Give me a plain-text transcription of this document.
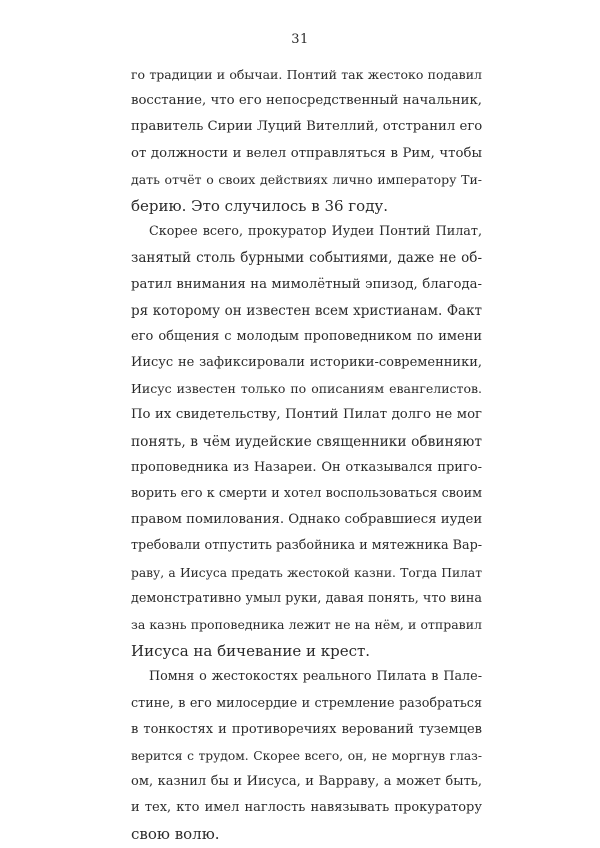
31
го традиции и обычаи. Понтий так жестоко подавил
восстание, что его непосредственный начальник,
правитель Сирии Луций Вителлий, отстранил его
от должности и велел отправляться в Рим, чтобы
дать отчёт о своих действиях лично императору Ти-
берию. Это случилось в 36 году.
Скорее всего, прокуратор Иудеи Понтий Пилат,
занятый столь бурными событиями, даже не об-
ратил внимания на мимолётный эпизод, благода-
ря которому он известен всем христианам. Факт
его общения с молодым проповедником по имени
Иисус не зафиксировали историки-современники,
Иисус известен только по описаниям евангелистов.
По их свидетельству, Понтий Пилат долго не мог
понять, в чём иудейские священники обвиняют
проповедника из Назареи. Он отказывался приго-
ворить его к смерти и хотел воспользоваться своим
правом помилования. Однако собравшиеся иудеи
требовали отпустить разбойника и мятежника Вар-
раву, а Иисуса предать жестокой казни. Тогда Пилат
демонстративно умыл руки, давая понять, что вина
за казнь проповедника лежит не на нём, и отправил
Иисуса на бичевание и крест.
Помня о жестокостях реального Пилата в Пале-
стине, в его милосердие и стремление разобраться
в тонкостях и противоречиях верований туземцев
верится с трудом. Скорее всего, он, не моргнув глаз-
ом, казнил бы и Иисуса, и Варраву, а может быть,
и тех, кто имел наглость навязывать прокуратору
свою волю.
